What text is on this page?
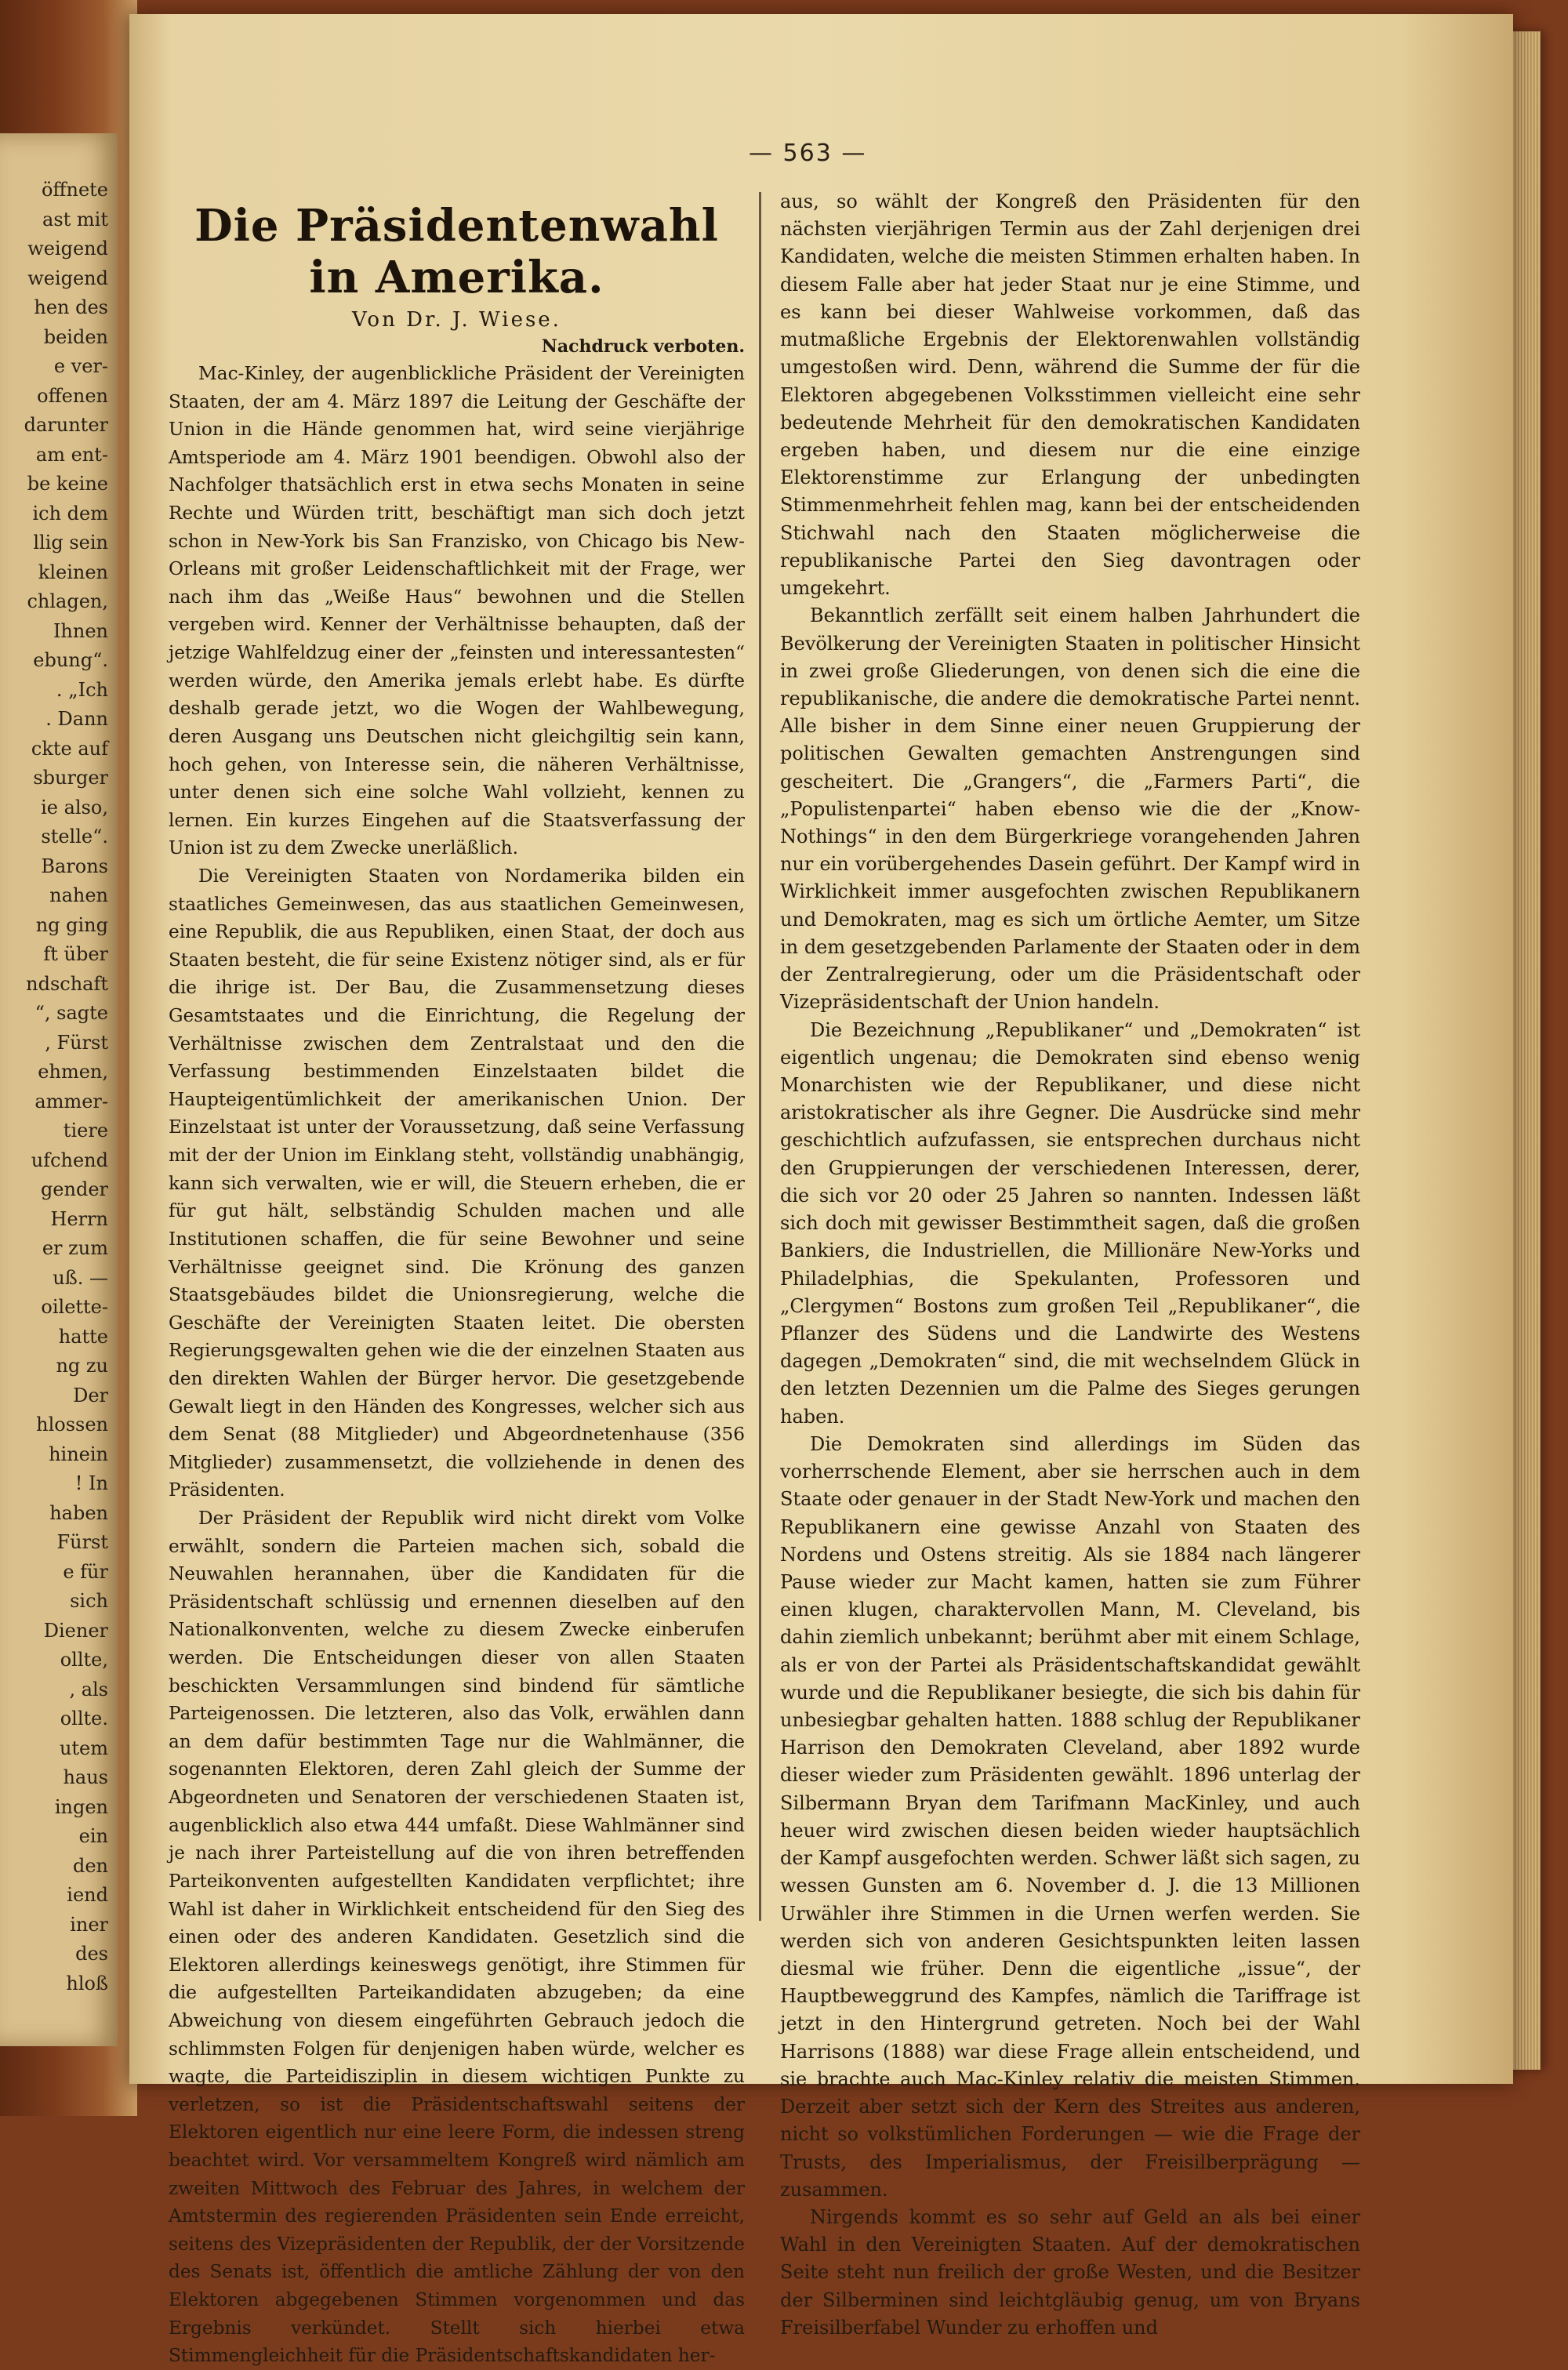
öffnete
ast mit
weigend
weigend
hen des
beiden
e ver-
offenen
darunter
am ent-
be keine
ich dem
llig sein
kleinen
chlagen,
Ihnen
ebung“.
. „Ich
. Dann
ckte auf
sburger
ie also,
stelle“.
Barons
nahen
ng ging
ft über
ndschaft
“, sagte
, Fürst
ehmen,
ammer-
tiere
ufchend
gender
Herrn
er zum
uß. —
oilette-
hatte
ng zu
Der
hlossen
hinein
! In
haben
Fürst
e für
sich
Diener
ollte,
, als
ollte.
utem
haus
ingen
ein
den
iend
iner
des
hloß
— 563 —
Die Präsidentenwahl in Amerika.
Von Dr. J. Wiese.
Nachdruck verboten.

Mac-Kinley, der augenblickliche Präsident der Vereinigten Staaten, der am 4. März 1897 die Leitung der Geschäfte der Union in die Hände genommen hat, wird seine vierjährige Amtsperiode am 4. März 1901 beendigen. Obwohl also der Nachfolger thatsächlich erst in etwa sechs Monaten in seine Rechte und Würden tritt, beschäftigt man sich doch jetzt schon in New-York bis San Franzisko, von Chicago bis New-Orleans mit großer Leidenschaftlichkeit mit der Frage, wer nach ihm das „Weiße Haus“ bewohnen und die Stellen vergeben wird. Kenner der Verhältnisse behaupten, daß der jetzige Wahlfeldzug einer der „feinsten und interessantesten“ werden würde, den Amerika jemals erlebt habe. Es dürfte deshalb gerade jetzt, wo die Wogen der Wahlbewegung, deren Ausgang uns Deutschen nicht gleichgiltig sein kann, hoch gehen, von Interesse sein, die näheren Verhältnisse, unter denen sich eine solche Wahl vollzieht, kennen zu lernen. Ein kurzes Eingehen auf die Staatsverfassung der Union ist zu dem Zwecke unerläßlich.

Die Vereinigten Staaten von Nordamerika bilden ein staatliches Gemeinwesen, das aus staatlichen Gemeinwesen, eine Republik, die aus Republiken, einen Staat, der doch aus Staaten besteht, die für seine Existenz nötiger sind, als er für die ihrige ist. Der Bau, die Zusammensetzung dieses Gesamtstaates und die Einrichtung, die Regelung der Verhältnisse zwischen dem Zentralstaat und den die Verfassung bestimmenden Einzelstaaten bildet die Haupteigentümlichkeit der amerikanischen Union. Der Einzelstaat ist unter der Voraussetzung, daß seine Verfassung mit der der Union im Einklang steht, vollständig unabhängig, kann sich verwalten, wie er will, die Steuern erheben, die er für gut hält, selbständig Schulden machen und alle Institutionen schaffen, die für seine Bewohner und seine Verhältnisse geeignet sind. Die Krönung des ganzen Staatsgebäudes bildet die Unionsregierung, welche die Geschäfte der Vereinigten Staaten leitet. Die obersten Regierungsgewalten gehen wie die der einzelnen Staaten aus den direkten Wahlen der Bürger hervor. Die gesetzgebende Gewalt liegt in den Händen des Kongresses, welcher sich aus dem Senat (88 Mitglieder) und Abgeordnetenhause (356 Mitglieder) zusammensetzt, die vollziehende in denen des Präsidenten.

Der Präsident der Republik wird nicht direkt vom Volke erwählt, sondern die Parteien machen sich, sobald die Neuwahlen herannahen, über die Kandidaten für die Präsidentschaft schlüssig und ernennen dieselben auf den Nationalkonventen, welche zu diesem Zwecke einberufen werden. Die Entscheidungen dieser von allen Staaten beschickten Versammlungen sind bindend für sämtliche Parteigenossen. Die letzteren, also das Volk, erwählen dann an dem dafür bestimmten Tage nur die Wahlmänner, die sogenannten Elektoren, deren Zahl gleich der Summe der Abgeordneten und Senatoren der verschiedenen Staaten ist, augenblicklich also etwa 444 umfaßt. Diese Wahlmänner sind je nach ihrer Parteistellung auf die von ihren betreffenden Parteikonventen aufgestellten Kandidaten verpflichtet; ihre Wahl ist daher in Wirklichkeit entscheidend für den Sieg des einen oder des anderen Kandidaten. Gesetzlich sind die Elektoren allerdings keineswegs genötigt, ihre Stimmen für die aufgestellten Parteikandidaten abzugeben; da eine Abweichung von diesem eingeführten Gebrauch jedoch die schlimmsten Folgen für denjenigen haben würde, welcher es wagte, die Parteidisziplin in diesem wichtigen Punkte zu verletzen, so ist die Präsidentschaftswahl seitens der Elektoren eigentlich nur eine leere Form, die indessen streng beachtet wird. Vor versammeltem Kongreß wird nämlich am zweiten Mittwoch des Februar des Jahres, in welchem der Amtstermin des regierenden Präsidenten sein Ende erreicht, seitens des Vizepräsidenten der Republik, der der Vorsitzende des Senats ist, öffentlich die amtliche Zählung der von den Elektoren abgegebenen Stimmen vorgenommen und das Ergebnis verkündet. Stellt sich hierbei etwa Stimmengleichheit für die Präsidentschaftskandidaten her-

aus, so wählt der Kongreß den Präsidenten für den nächsten vierjährigen Termin aus der Zahl derjenigen drei Kandidaten, welche die meisten Stimmen erhalten haben. In diesem Falle aber hat jeder Staat nur je eine Stimme, und es kann bei dieser Wahlweise vorkommen, daß das mutmaßliche Ergebnis der Elektorenwahlen vollständig umgestoßen wird. Denn, während die Summe der für die Elektoren abgegebenen Volksstimmen vielleicht eine sehr bedeutende Mehrheit für den demokratischen Kandidaten ergeben haben, und diesem nur die eine einzige Elektorenstimme zur Erlangung der unbedingten Stimmenmehrheit fehlen mag, kann bei der entscheidenden Stichwahl nach den Staaten möglicherweise die republikanische Partei den Sieg davontragen oder umgekehrt.

Bekanntlich zerfällt seit einem halben Jahrhundert die Bevölkerung der Vereinigten Staaten in politischer Hinsicht in zwei große Gliederungen, von denen sich die eine die republikanische, die andere die demokratische Partei nennt. Alle bisher in dem Sinne einer neuen Gruppierung der politischen Gewalten gemachten Anstrengungen sind gescheitert. Die „Grangers“, die „Farmers Parti“, die „Populistenpartei“ haben ebenso wie die der „Know-Nothings“ in den dem Bürgerkriege vorangehenden Jahren nur ein vorübergehendes Dasein geführt. Der Kampf wird in Wirklichkeit immer ausgefochten zwischen Republikanern und Demokraten, mag es sich um örtliche Aemter, um Sitze in dem gesetzgebenden Parlamente der Staaten oder in dem der Zentralregierung, oder um die Präsidentschaft oder Vizepräsidentschaft der Union handeln.

Die Bezeichnung „Republikaner“ und „Demokraten“ ist eigentlich ungenau; die Demokraten sind ebenso wenig Monarchisten wie der Republikaner, und diese nicht aristokratischer als ihre Gegner. Die Ausdrücke sind mehr geschichtlich aufzufassen, sie entsprechen durchaus nicht den Gruppierungen der verschiedenen Interessen, derer, die sich vor 20 oder 25 Jahren so nannten. Indessen läßt sich doch mit gewisser Bestimmtheit sagen, daß die großen Bankiers, die Industriellen, die Millionäre New-Yorks und Philadelphias, die Spekulanten, Professoren und „Clergymen“ Bostons zum großen Teil „Republikaner“, die Pflanzer des Südens und die Landwirte des Westens dagegen „Demokraten“ sind, die mit wechselndem Glück in den letzten Dezennien um die Palme des Sieges gerungen haben.

Die Demokraten sind allerdings im Süden das vorherrschende Element, aber sie herrschen auch in dem Staate oder genauer in der Stadt New-York und machen den Republikanern eine gewisse Anzahl von Staaten des Nordens und Ostens streitig. Als sie 1884 nach längerer Pause wieder zur Macht kamen, hatten sie zum Führer einen klugen, charaktervollen Mann, M. Cleveland, bis dahin ziemlich unbekannt; berühmt aber mit einem Schlage, als er von der Partei als Präsidentschaftskandidat gewählt wurde und die Republikaner besiegte, die sich bis dahin für unbesiegbar gehalten hatten. 1888 schlug der Republikaner Harrison den Demokraten Cleveland, aber 1892 wurde dieser wieder zum Präsidenten gewählt. 1896 unterlag der Silbermann Bryan dem Tarifmann MacKinley, und auch heuer wird zwischen diesen beiden wieder hauptsächlich der Kampf ausgefochten werden. Schwer läßt sich sagen, zu wessen Gunsten am 6. November d. J. die 13 Millionen Urwähler ihre Stimmen in die Urnen werfen werden. Sie werden sich von anderen Gesichtspunkten leiten lassen diesmal wie früher. Denn die eigentliche „issue“, der Hauptbeweggrund des Kampfes, nämlich die Tariffrage ist jetzt in den Hintergrund getreten. Noch bei der Wahl Harrisons (1888) war diese Frage allein entscheidend, und sie brachte auch Mac-Kinley relativ die meisten Stimmen. Derzeit aber setzt sich der Kern des Streites aus anderen, nicht so volkstümlichen Forderungen — wie die Frage der Trusts, des Imperialismus, der Freisilberprägung — zusammen.

Nirgends kommt es so sehr auf Geld an als bei einer Wahl in den Vereinigten Staaten. Auf der demokratischen Seite steht nun freilich der große Westen, und die Besitzer der Silberminen sind leichtgläubig genug, um von Bryans Freisilberfabel Wunder zu erhoffen und
